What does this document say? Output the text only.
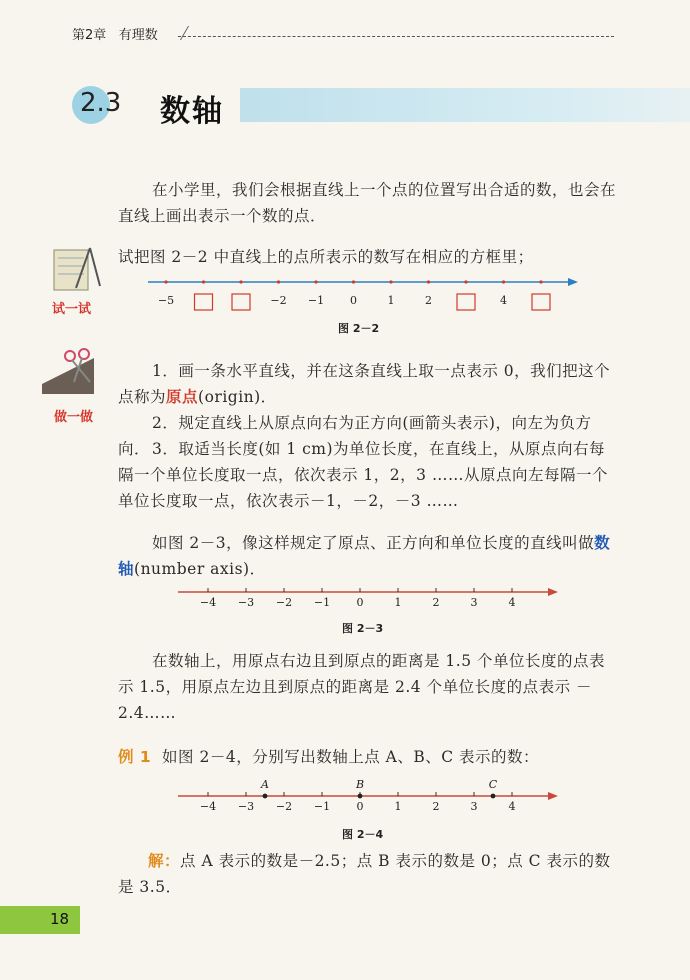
第2章 有理数
2.3 数轴

在小学里，我们会根据直线上一个点的位置写出合适的数，也会在直线上画出表示一个数的点．

试一试

试把图 2－2 中直线上的点所表示的数写在相应的方框里；

−5	−2 −1 0	1	2	4
图 2－2
做一做

1．画一条水平直线，并在这条直线上取一点表示 0，我们把这个点称为原点(origin)．

2．规定直线上从原点向右为正方向(画箭头表示)，向左为负方向． 3．取适当长度(如 1 cm)为单位长度，在直线上，从原点向右每隔一个单位长度取一点，依次表示 1，2，3 ……从原点向左每隔一个单位长度取一点，依次表示－1，－2，－3 ……

如图 2－3，像这样规定了原点、正方向和单位长度的直线叫做数轴(number axis)．

−4 −3 −2 −1 0	1	2	3	4
图 2－3

在数轴上，用原点右边且到原点的距离是 1.5 个单位长度的点表示 1.5，用原点左边且到原点的距离是 2.4 个单位长度的点表示 －2.4……

例 1 如图 2－4，分别写出数轴上点 A、B、C 表示的数：

−4 −3 −2 −1 0	1	2	3	4
A	B	C
图 2－4

解：点 A 表示的数是－2.5；点 B 表示的数是 0；点 C 表示的数是 3.5．

18
